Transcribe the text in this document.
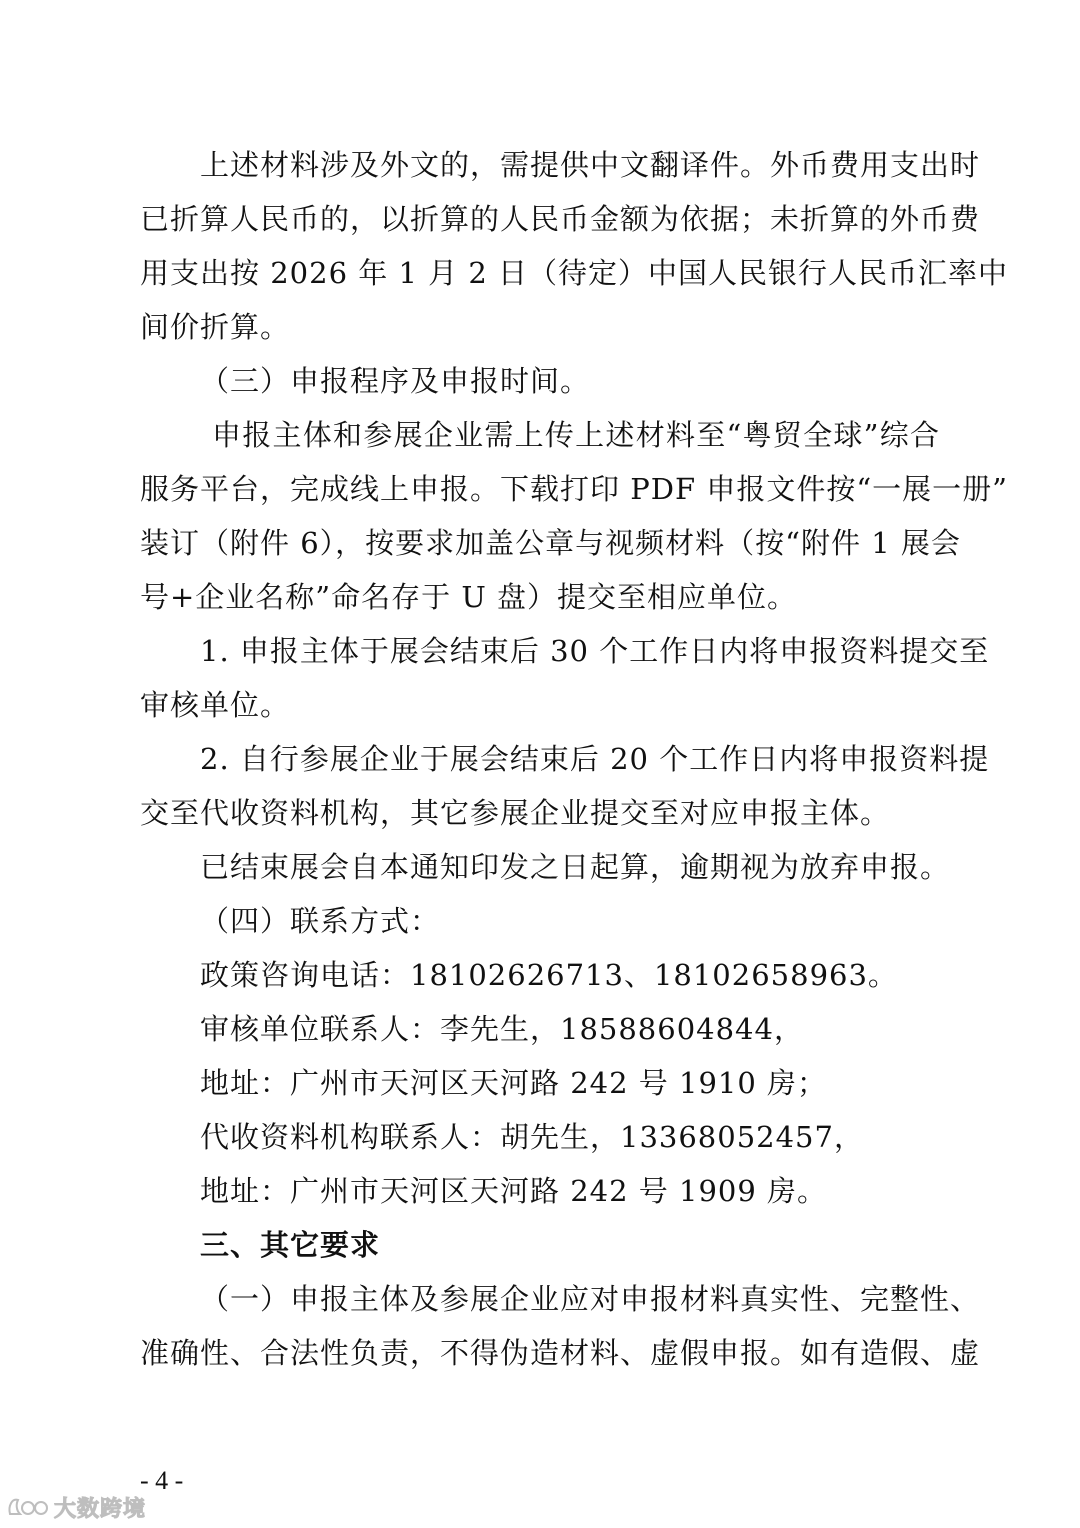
上述材料涉及外文的，需提供中文翻译件。外币费用支出时
已折算人民币的，以折算的人民币金额为依据；未折算的外币费
用支出按 2026 年 1 月 2 日（待定）中国人民银行人民币汇率中
间价折算。
（三）申报程序及申报时间。
申报主体和参展企业需上传上述材料至“粤贸全球”综合
服务平台，完成线上申报。下载打印 PDF 申报文件按“一展一册”
装订（附件 6），按要求加盖公章与视频材料（按“附件 1 展会
号+企业名称”命名存于 U 盘）提交至相应单位。
1. 申报主体于展会结束后 30 个工作日内将申报资料提交至
审核单位。
2. 自行参展企业于展会结束后 20 个工作日内将申报资料提
交至代收资料机构，其它参展企业提交至对应申报主体。
已结束展会自本通知印发之日起算，逾期视为放弃申报。
（四）联系方式：
政策咨询电话：18102626713、18102658963。
审核单位联系人：李先生，18588604844，
地址：广州市天河区天河路 242 号 1910 房；
代收资料机构联系人：胡先生，13368052457，
地址：广州市天河区天河路 242 号 1909 房。
三、其它要求
（一）申报主体及参展企业应对申报材料真实性、完整性、
准确性、合法性负责，不得伪造材料、虚假申报。如有造假、虚
- 4 -
大数跨境
